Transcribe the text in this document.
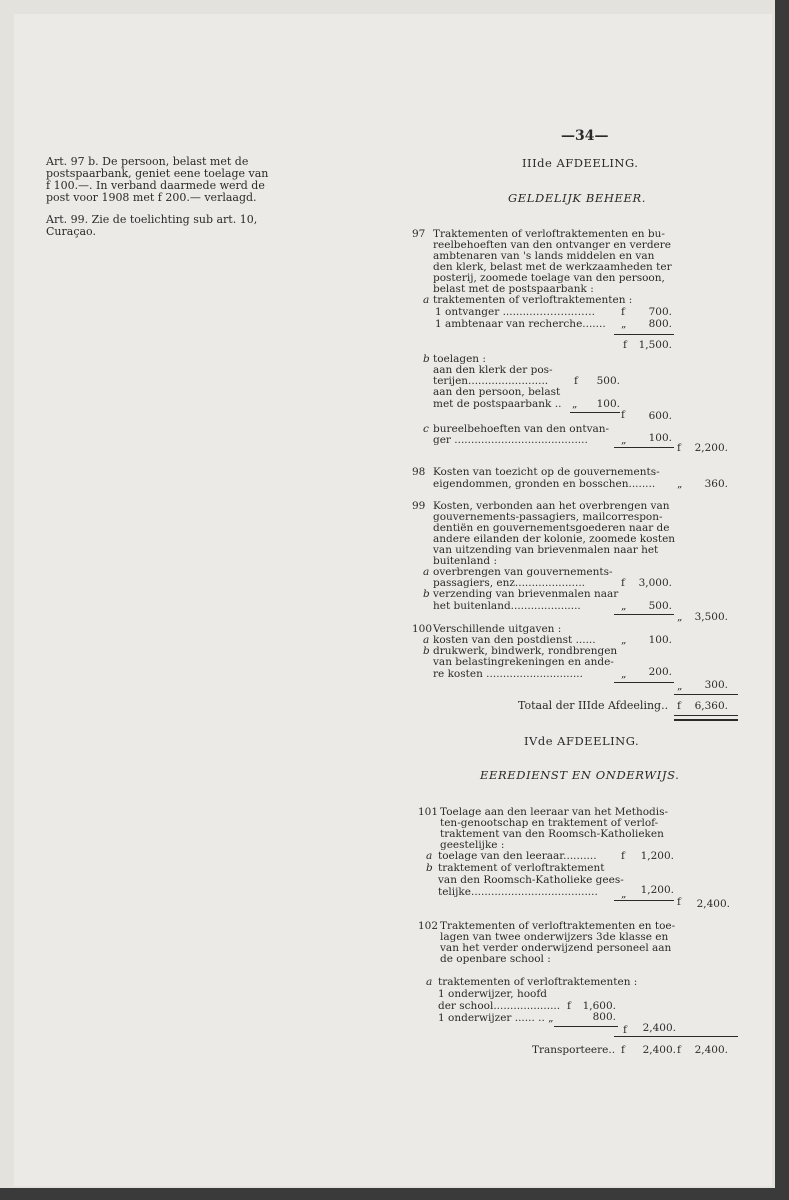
—34—
Art. 97 b. De persoon, belast met de
postspaarbank, geniet eene toelage van
f 100.—. In verband daarmede werd de
post voor 1908 met f 200.— verlaagd.
Art. 99. Zie de toelichting sub art. 10,
Curaçao.
IIIde AFDEELING.
GELDELIJK BEHEER.
97 Traktementen of verloftraktementen en bu-
reelbehoeften van den ontvanger en verdere
ambtenaren van 's lands middelen en van
den klerk, belast met de werkzaamheden ter
posterij, zoomede toelage van den persoon,
belast met de postspaarbank :
a traktementen of verloftraktementen :
1 ontvanger ..........………..…… f	700.
1 ambtenaar van recherche....... „	800.
f	1,500.
b toelagen :
aan den klerk der pos-
terijen........................ f	500.
aan den persoon, belast
met de postspaarbank .. „	100.
f	600.
c bureelbehoeften van den ontvan-
ger ........................................	„	100.
f	2,200.
98 Kosten van toezicht op de gouvernements-
eigendommen, gronden en bosschen........ „	360.
99 Kosten, verbonden aan het overbrengen van
gouvernements-passagiers, mailcorrespon-
dentiën en gouvernementsgoederen naar de
andere eilanden der kolonie, zoomede kosten
van uitzending van brievenmalen naar het
buitenland :
a overbrengen van gouvernements-
passagiers, enz.....................	f	3,000.
b verzending van brievenmalen naar
het buitenland.....................	„	500.
„	3,500.
100 Verschillende uitgaven :
a kosten van den postdienst ...... „	100.
b drukwerk, bindwerk, rondbrengen
van belastingrekeningen en ande-
re kosten .............................	„	200.
„	300.
Totaal der IIIde Afdeeling.. f	6,360.
IVde AFDEELING.
EEREDIENST EN ONDERWIJS.
101 Toelage aan den leeraar van het Methodis-
ten-genootschap en traktement of verlof-
traktement van den Roomsch-Katholieken
geestelijke :
a toelage van den leeraar.......... f	1,200.
b traktement of verloftraktement
van den Roomsch-Katholieke gees-
telijke...................................... „	1,200.
f	2,400.
102 Traktementen of verloftraktementen en toe-
lagen van twee onderwijzers 3de klasse en
van het verder onderwijzend personeel aan
de openbare school :
a traktementen of verloftraktementen :
1 onderwijzer, hoofd
der school.................... f	1,600.
1 onderwijzer ...... .. „	800.
f	2,400.
Transporteere.. f	2,400. f	2,400.
